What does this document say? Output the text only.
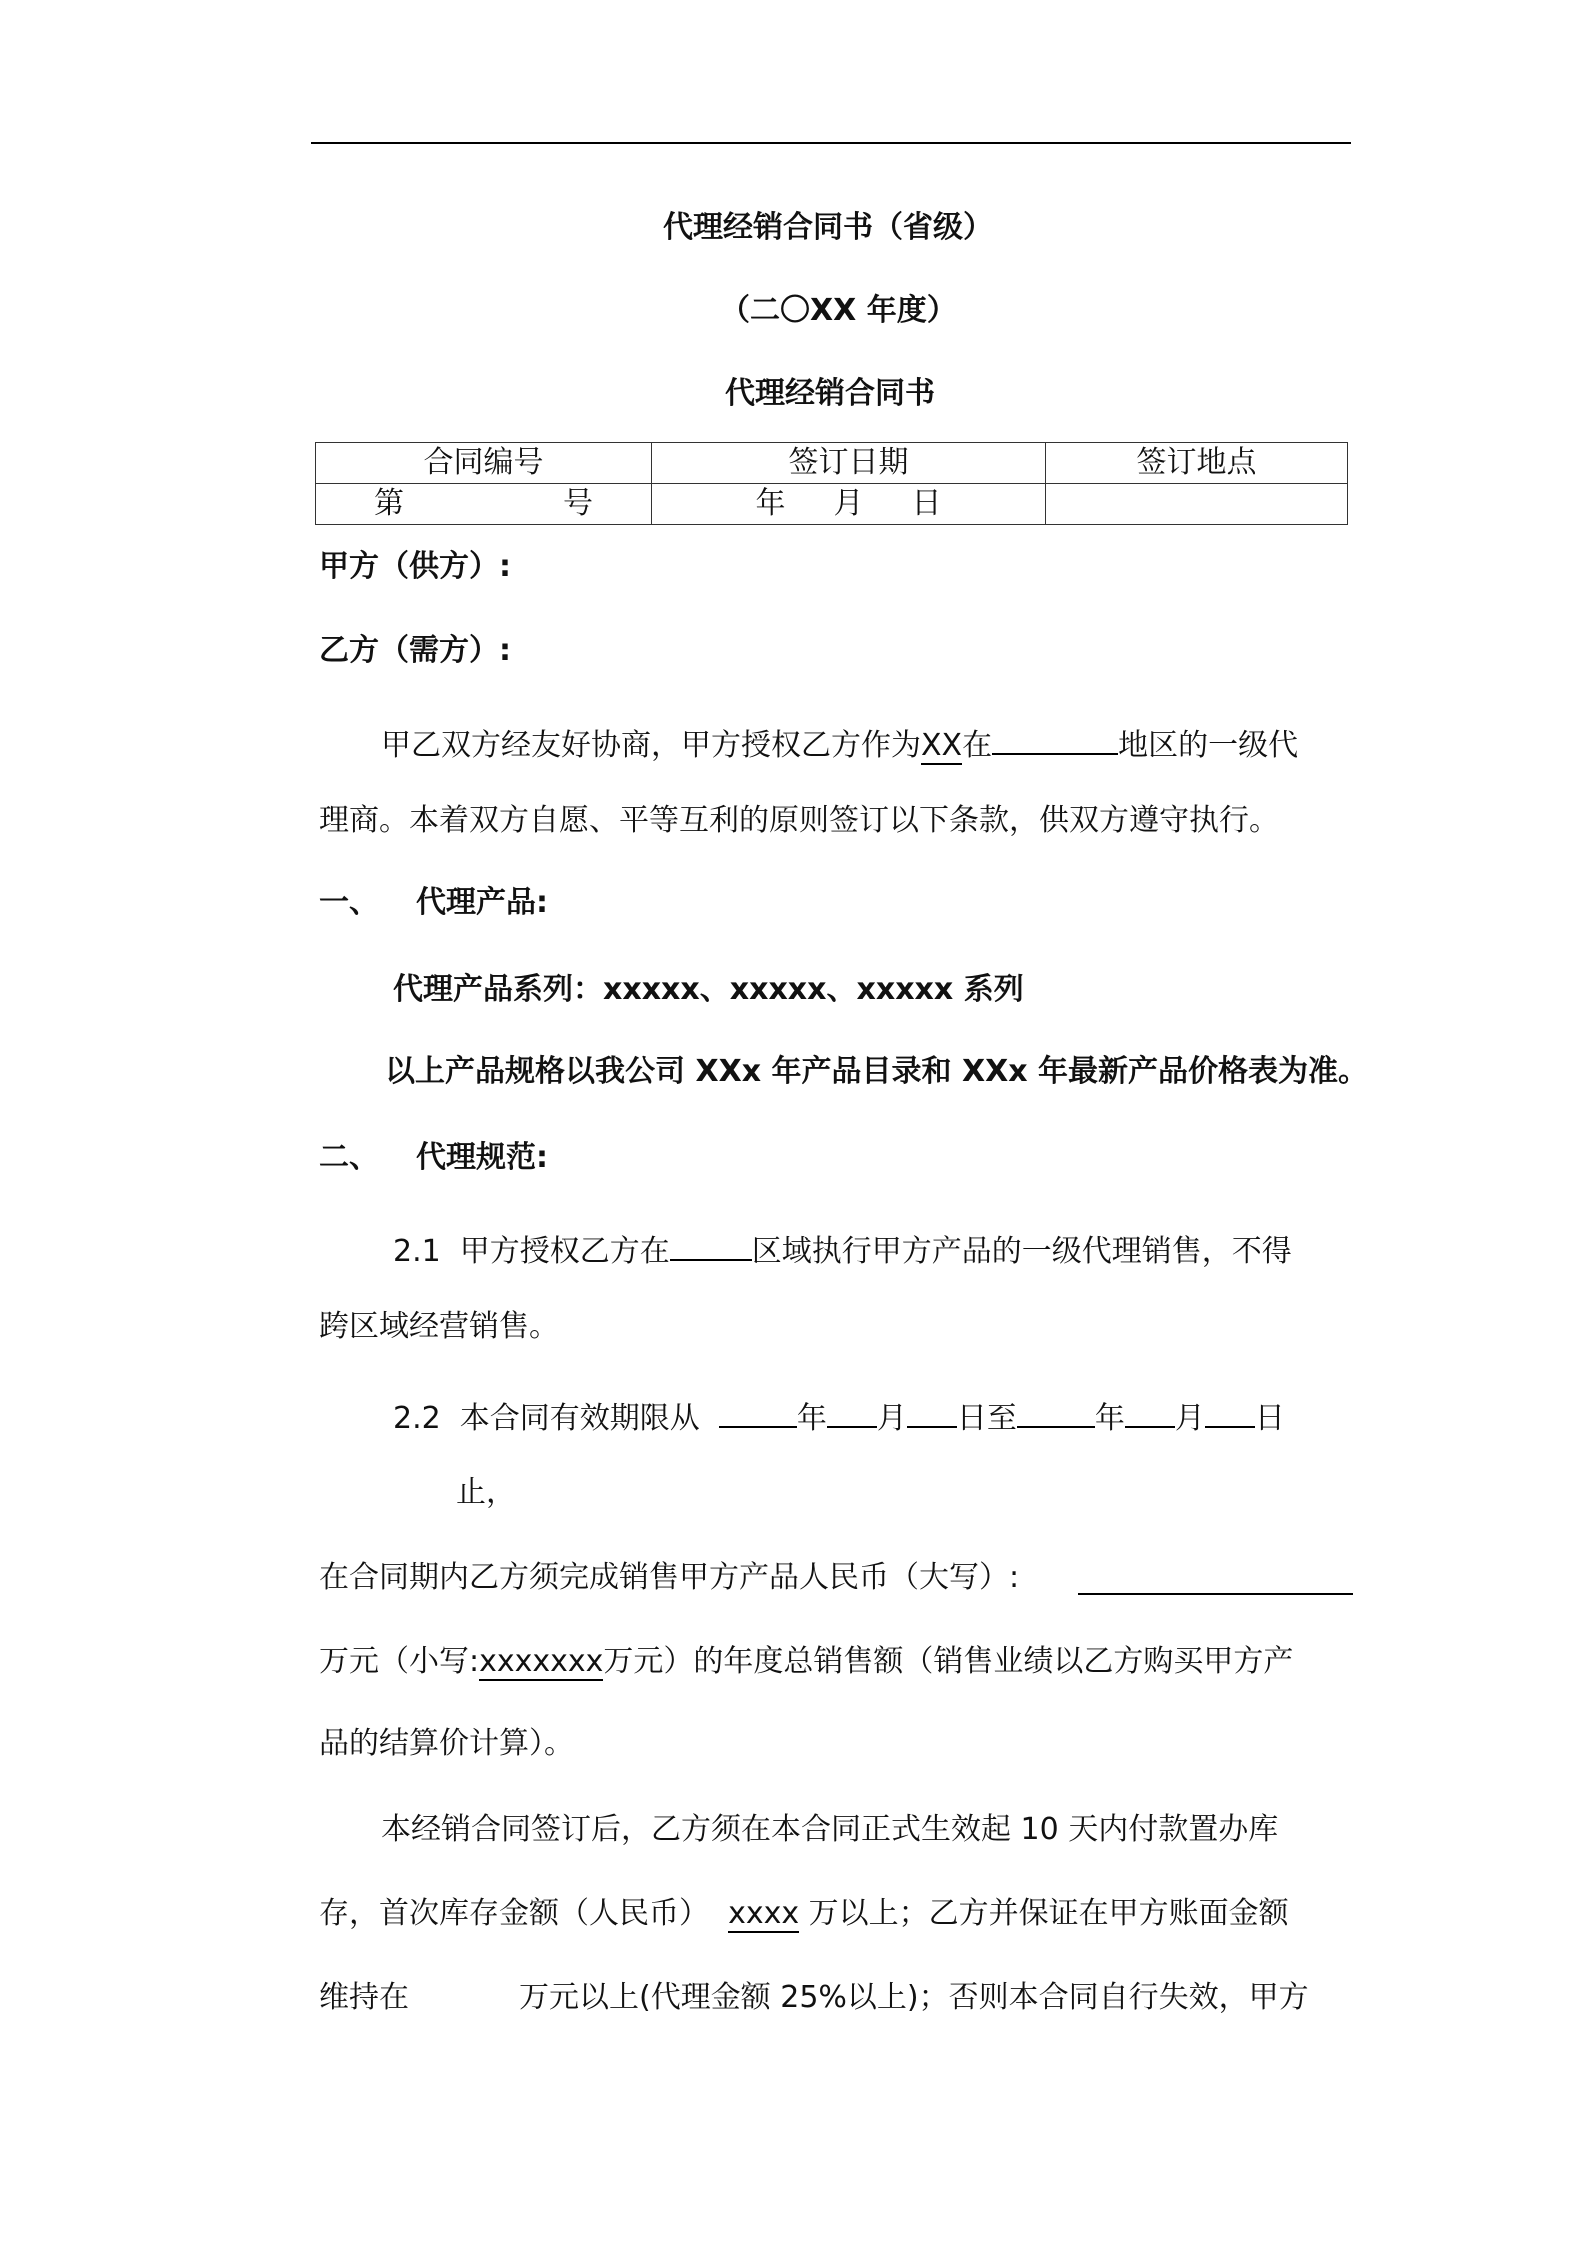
代理经销合同书（省级）
（二〇XX 年度）
代理经销合同书
合同编号	签订日期	签订地点

第 号	年 月 日	

甲方（供方）:
乙方（需方）:
甲乙双方经友好协商，甲方授权乙方作为XX在	地区的一级代
理商。本着双方自愿、平等互利的原则签订以下条款，供双方遵守执行。
一、 代理产品:
代理产品系列：xxxxx、xxxxx、xxxxx 系列
以上产品规格以我公司 XXx 年产品目录和 XXx 年最新产品价格表为准。
二、 代理规范:
2.1 甲方授权乙方在	区域执行甲方产品的一级代理销售，不得
跨区域经营销售。
2.2 本合同有效期限从	年 月 日至	年 月 日
止，
在合同期内乙方须完成销售甲方产品人民币（大写）:
万元（小写:xxxxxxx万元）的年度总销售额（销售业绩以乙方购买甲方产
品的结算价计算）。
本经销合同签订后，乙方须在本合同正式生效起 10 天内付款置办库
存，首次库存金额（人民币） xxxx 万以上；乙方并保证在甲方账面金额
维持在	万元以上(代理金额 25%以上)；否则本合同自行失效，甲方
